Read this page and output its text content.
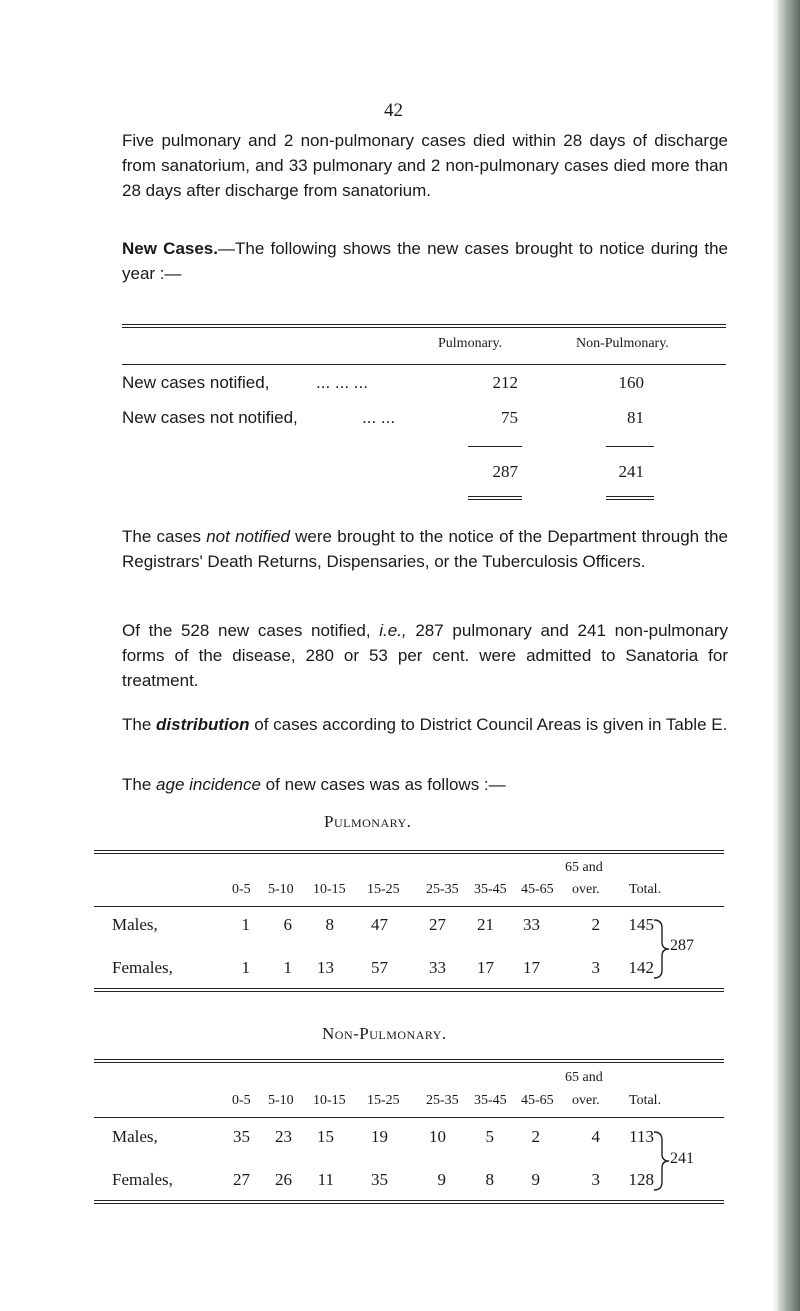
42

Five pulmonary and 2 non-pulmonary cases died within 28 days of discharge from sanatorium, and 33 pulmonary and 2 non-pulmonary cases died more than 28 days after discharge from sanatorium.

New Cases.—The following shows the new cases brought to notice during the year :—

Pulmonary.	Non-Pulmonary.
New cases notified,	... ... ...	212	160
New cases not notified,	... ...	75	81
287	241

The cases not notified were brought to the notice of the Department through the Registrars' Death Returns, Dispensaries, or the Tuberculosis Officers.

Of the 528 new cases notified, i.e., 287 pulmonary and 241 non-pulmonary forms of the disease, 280 or 53 per cent. were admitted to Sanatoria for treatment.

The distribution of cases according to District Council Areas is given in Table E.

The age incidence of new cases was as follows :—

Pulmonary.
65 and
0-5 5-10 10-15 15-25 25-35 35-45 45-65 over. Total.
Males,	1	6	8	47	27	21	33	2	145
Females,	1	1	13	57	33	17	17	3	142
287
Non-Pulmonary.
65 and
0-5 5-10 10-15 15-25 25-35 35-45 45-65 over. Total.
Males,	35	23	15	19	10	5	2	4	113
Females,	27	26	11	35	9	8	9	3	128
241
